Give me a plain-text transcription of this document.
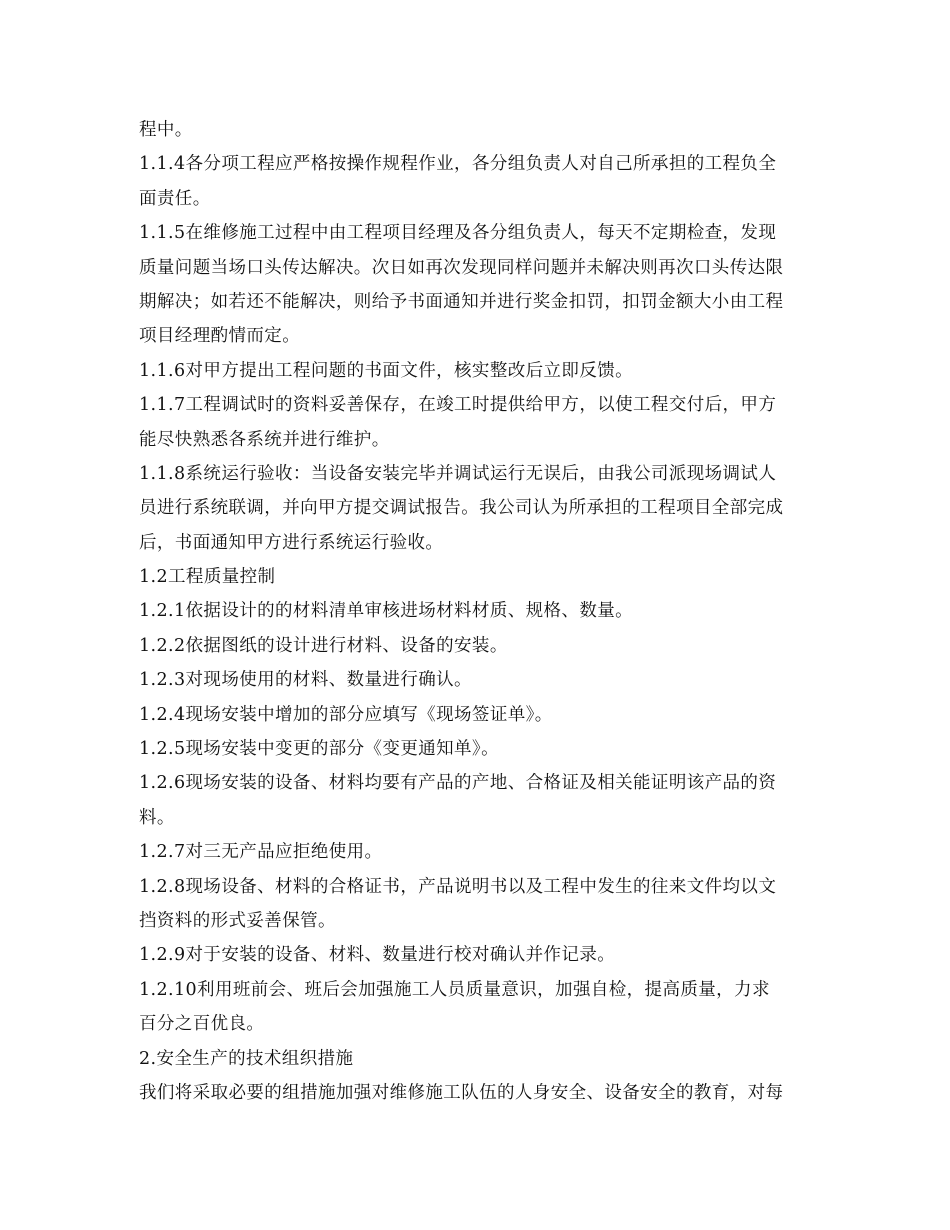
程中。
1.1.4各分项工程应严格按操作规程作业，各分组负责人对自己所承担的工程负全
面责任。
1.1.5在维修施工过程中由工程项目经理及各分组负责人，每天不定期检查，发现
质量问题当场口头传达解决。次日如再次发现同样问题并未解决则再次口头传达限
期解决；如若还不能解决，则给予书面通知并进行奖金扣罚，扣罚金额大小由工程
项目经理酌情而定。
1.1.6对甲方提出工程问题的书面文件，核实整改后立即反馈。
1.1.7工程调试时的资料妥善保存，在竣工时提供给甲方，以使工程交付后，甲方
能尽快熟悉各系统并进行维护。
1.1.8系统运行验收：当设备安装完毕并调试运行无误后，由我公司派现场调试人
员进行系统联调，并向甲方提交调试报告。我公司认为所承担的工程项目全部完成
后，书面通知甲方进行系统运行验收。
1.2工程质量控制
1.2.1依据设计的的材料清单审核进场材料材质、规格、数量。
1.2.2依据图纸的设计进行材料、设备的安装。
1.2.3对现场使用的材料、数量进行确认。
1.2.4现场安装中增加的部分应填写《现场签证单》。
1.2.5现场安装中变更的部分《变更通知单》。
1.2.6现场安装的设备、材料均要有产品的产地、合格证及相关能证明该产品的资
料。
1.2.7对三无产品应拒绝使用。
1.2.8现场设备、材料的合格证书，产品说明书以及工程中发生的往来文件均以文
挡资料的形式妥善保管。
1.2.9对于安装的设备、材料、数量进行校对确认并作记录。
1.2.10利用班前会、班后会加强施工人员质量意识，加强自检，提高质量，力求
百分之百优良。
2.安全生产的技术组织措施
我们将采取必要的组措施加强对维修施工队伍的人身安全、设备安全的教育，对每
